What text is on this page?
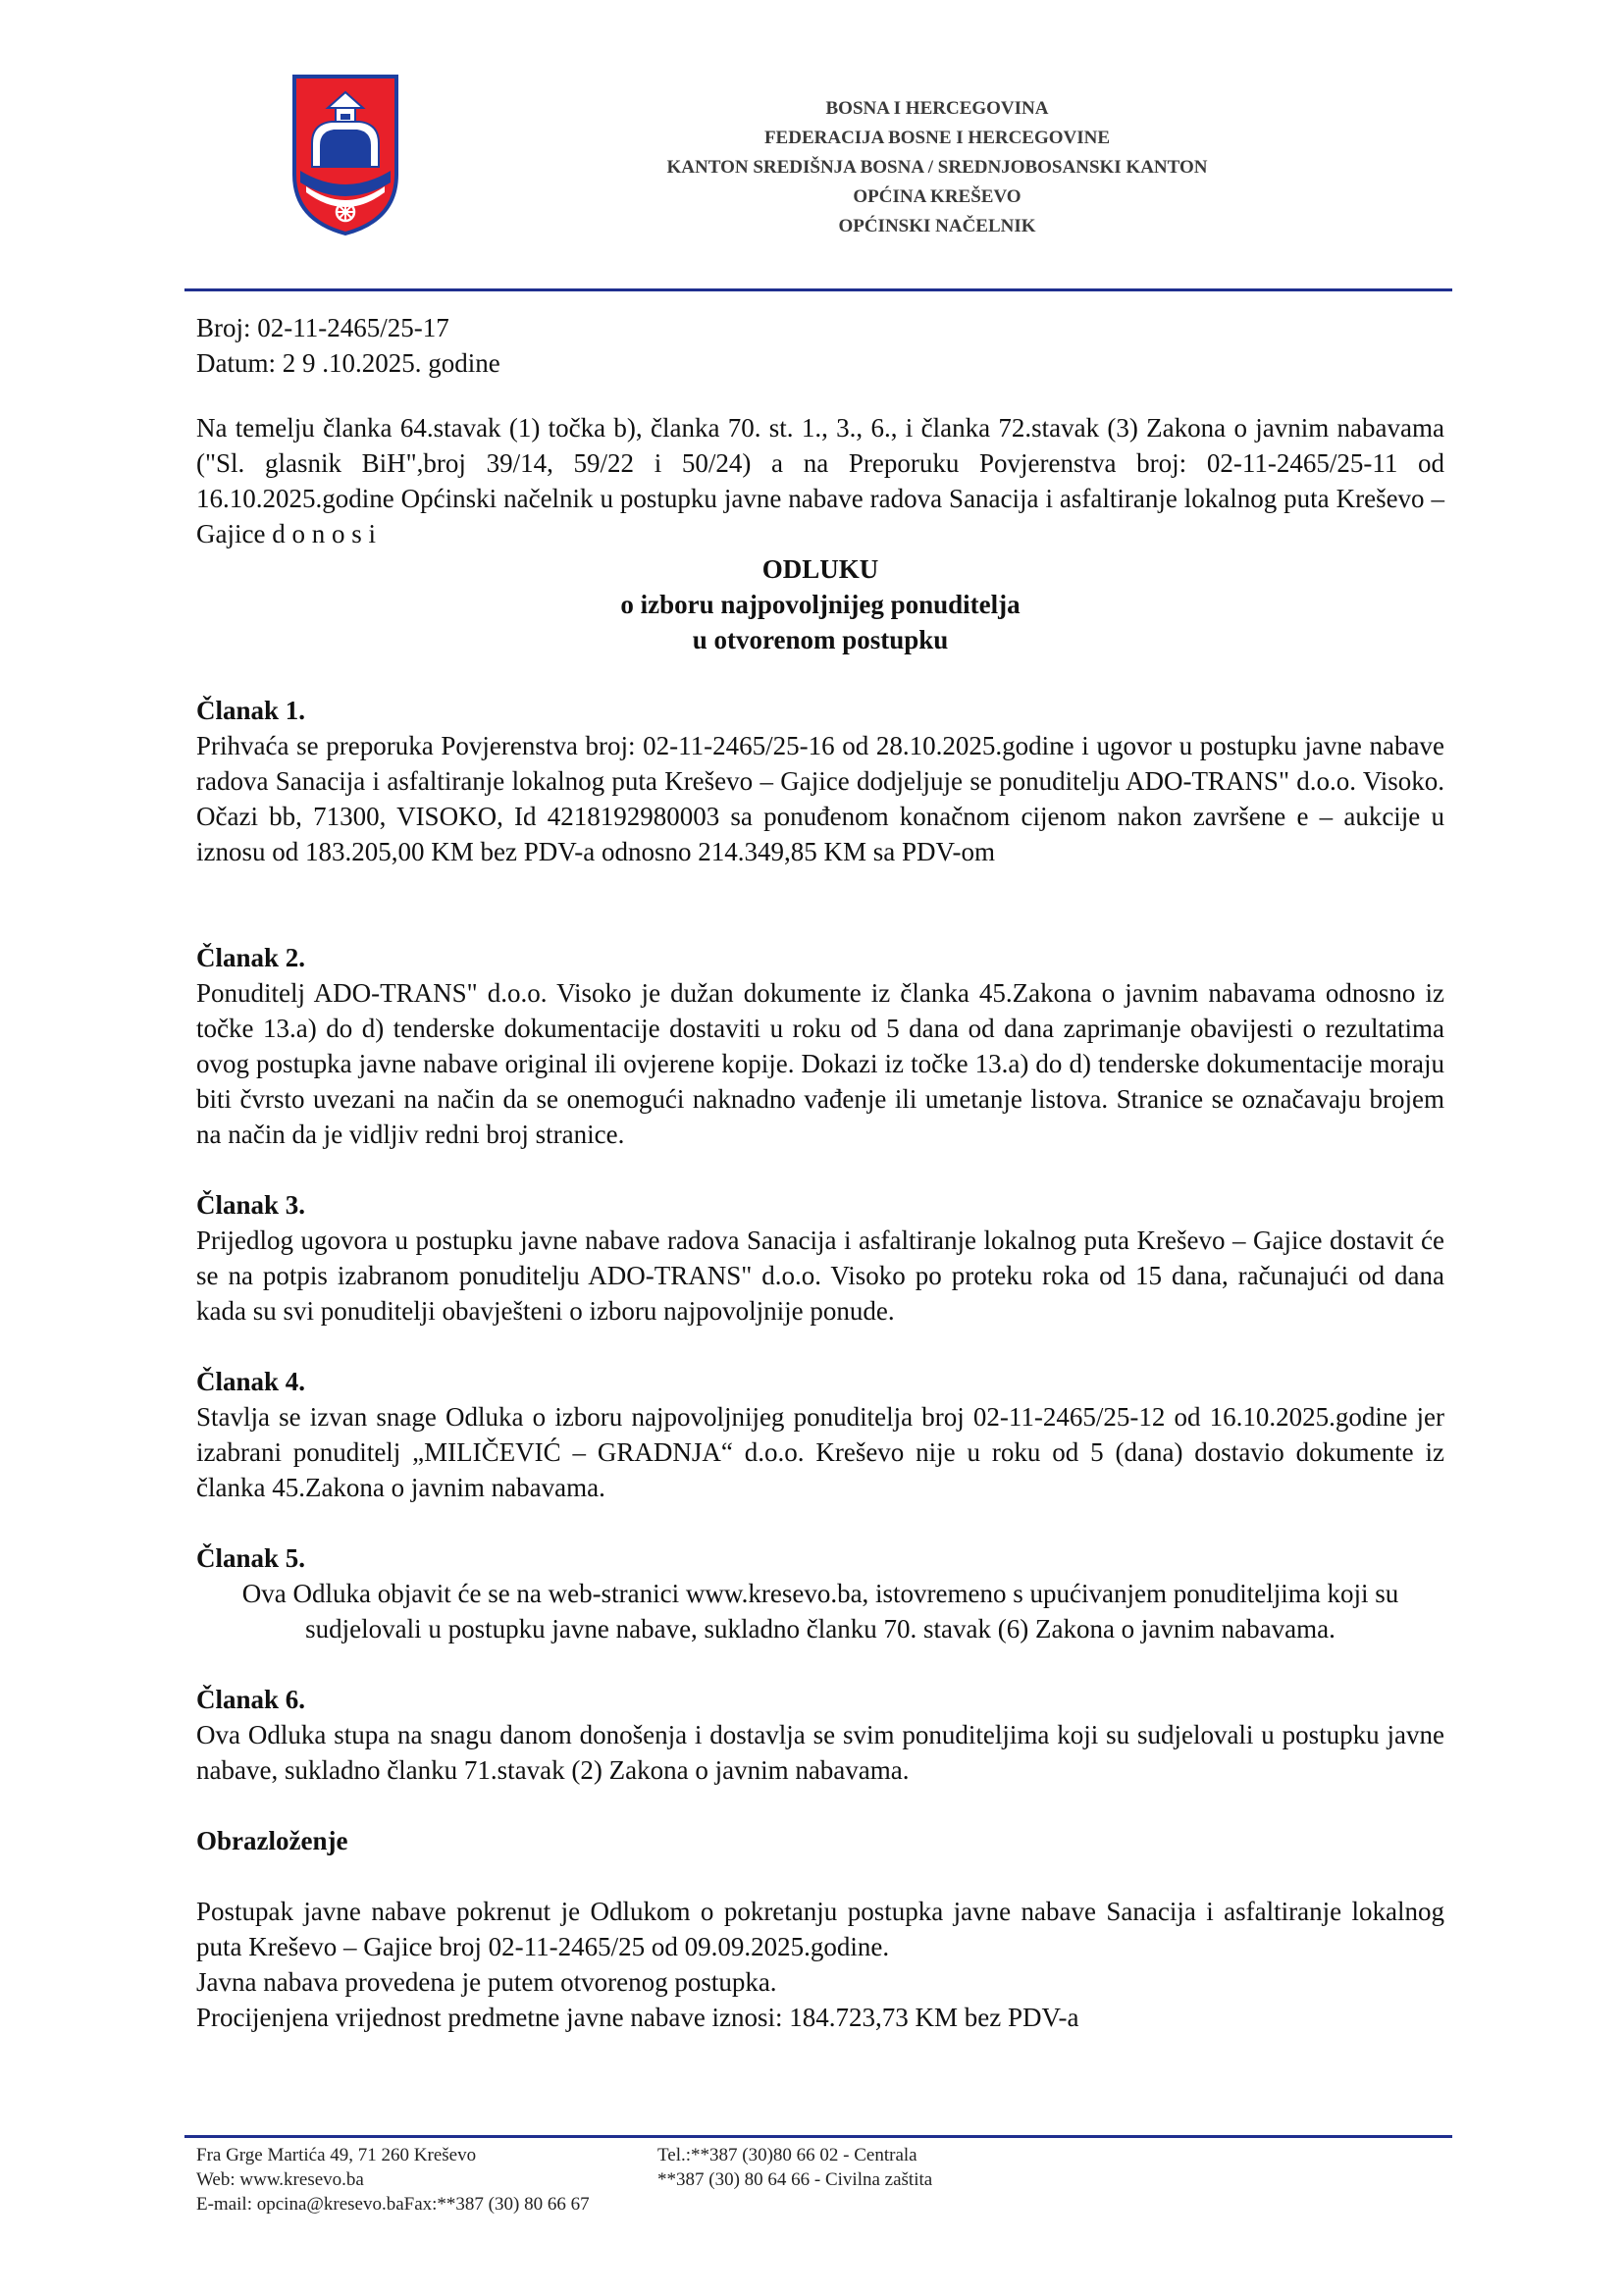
BOSNA I HERCEGOVINA
FEDERACIJA BOSNE I HERCEGOVINE
KANTON SREDIŠNJA BOSNA / SREDNJOBOSANSKI KANTON
OPĆINA KREŠEVO
OPĆINSKI NAČELNIK
Broj: 02-11-2465/25-17
Datum: 2 9 .10.2025. godine

Na temelju članka 64.stavak (1) točka b), članka 70. st. 1., 3., 6., i članka 72.stavak (3) Zakona o javnim nabavama ("Sl. glasnik BiH",broj 39/14, 59/22 i 50/24) a na Preporuku Povjerenstva broj: 02-11-2465/25-11 od 16.10.2025.godine Općinski načelnik u postupku javne nabave radova Sanacija i asfaltiranje lokalnog puta Kreševo – Gajice d o n o s i

ODLUKU
o izboru najpovoljnijeg ponuditelja
u otvorenom postupku

Članak 1.

Prihvaća se preporuka Povjerenstva broj: 02-11-2465/25-16 od 28.10.2025.godine i ugovor u postupku javne nabave radova Sanacija i asfaltiranje lokalnog puta Kreševo – Gajice dodjeljuje se ponuditelju ADO-TRANS" d.o.o. Visoko. Očazi bb, 71300, VISOKO, Id 4218192980003 sa ponuđenom konačnom cijenom nakon završene e – aukcije u iznosu od 183.205,00 KM bez PDV-a odnosno 214.349,85 KM sa PDV-om

Članak 2.

Ponuditelj ADO-TRANS" d.o.o. Visoko je dužan dokumente iz članka 45.Zakona o javnim nabavama odnosno iz točke 13.a) do d) tenderske dokumentacije dostaviti u roku od 5 dana od dana zaprimanje obavijesti o rezultatima ovog postupka javne nabave original ili ovjerene kopije. Dokazi iz točke 13.a) do d) tenderske dokumentacije moraju biti čvrsto uvezani na način da se onemogući naknadno vađenje ili umetanje listova. Stranice se označavaju brojem na način da je vidljiv redni broj stranice.

Članak 3.

Prijedlog ugovora u postupku javne nabave radova Sanacija i asfaltiranje lokalnog puta Kreševo – Gajice dostavit će se na potpis izabranom ponuditelju ADO-TRANS" d.o.o. Visoko po proteku roka od 15 dana, računajući od dana kada su svi ponuditelji obavješteni o izboru najpovoljnije ponude.

Članak 4.

Stavlja se izvan snage Odluka o izboru najpovoljnijeg ponuditelja broj 02-11-2465/25-12 od 16.10.2025.godine jer izabrani ponuditelj „MILIČEVIĆ – GRADNJA“ d.o.o. Kreševo nije u roku od 5 (dana) dostavio dokumente iz članka 45.Zakona o javnim nabavama.

Članak 5.

Ova Odluka objavit će se na web-stranici www.kresevo.ba, istovremeno s upućivanjem ponuditeljima koji su sudjelovali u postupku javne nabave, sukladno članku 70. stavak (6) Zakona o javnim nabavama.

Članak 6.

Ova Odluka stupa na snagu danom donošenja i dostavlja se svim ponuditeljima koji su sudjelovali u postupku javne nabave, sukladno članku 71.stavak (2) Zakona o javnim nabavama.

Obrazloženje

Postupak javne nabave pokrenut je Odlukom o pokretanju postupka javne nabave Sanacija i asfaltiranje lokalnog puta Kreševo – Gajice broj 02-11-2465/25 od 09.09.2025.godine.

Javna nabava provedena je putem otvorenog postupka.

Procijenjena vrijednost predmetne javne nabave iznosi: 184.723,73 KM bez PDV-a

Fra Grge Martića 49, 71 260 Kreševo	Tel.:**387 (30)80 66 02 - Centrala
Web: www.kresevo.ba	**387 (30) 80 64 66 - Civilna zaštita
E-mail: opcina@kresevo.baFax:**387 (30) 80 66 67
